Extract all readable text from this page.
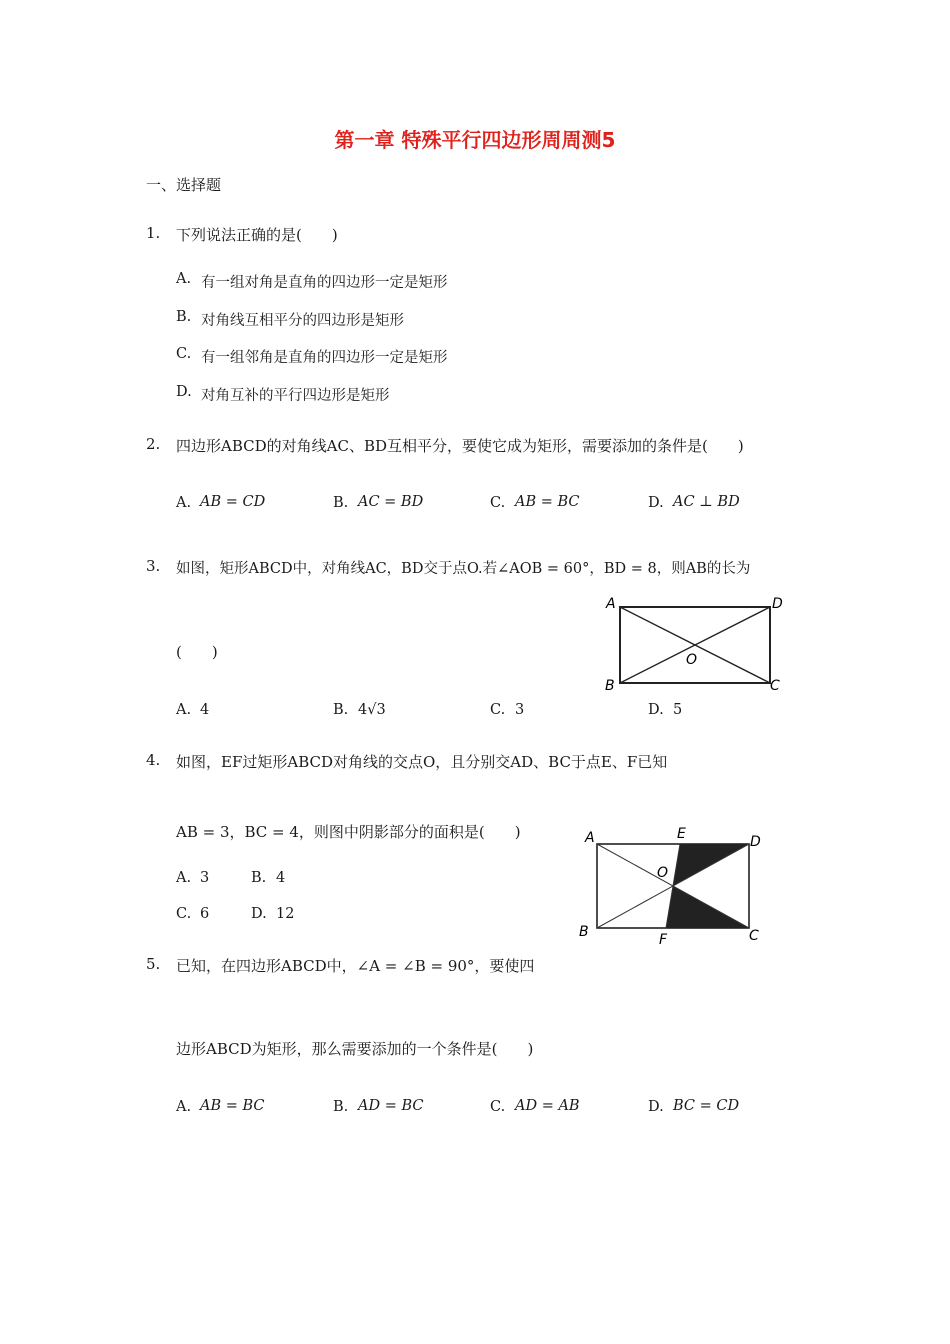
第一章 特殊平行四边形周周测5
一、选择题
1. 下列说法正确的是(　　)
A. 有一组对角是直角的四边形一定是矩形
B. 对角线互相平分的四边形是矩形
C. 有一组邻角是直角的四边形一定是矩形
D. 对角互补的平行四边形是矩形
2. 四边形ABCD的对角线AC、BD互相平分，要使它成为矩形，需要添加的条件是(　　)
A. AB = CD	B. AC = BD	C. AB = BC	D. AC ⊥ BD
3. 如图，矩形ABCD中，对角线AC，BD交于点O.若∠AOB = 60°，BD = 8，则AB的长为
(　　)
A	D
O
B	C
A. 4	B. 4√3	C. 3	D. 5
4. 如图，EF过矩形ABCD对角线的交点O，且分别交AD、BC于点E、F已知
AB = 3，BC = 4，则图中阴影部分的面积是(　　)
A. 3	B. 4
C. 6	D. 12
A	E	D
O
B	F	C
5. 已知，在四边形ABCD中，∠A = ∠B = 90°，要使四
边形ABCD为矩形，那么需要添加的一个条件是(　　)
A. AB = BC	B. AD = BC	C. AD = AB	D. BC = CD
